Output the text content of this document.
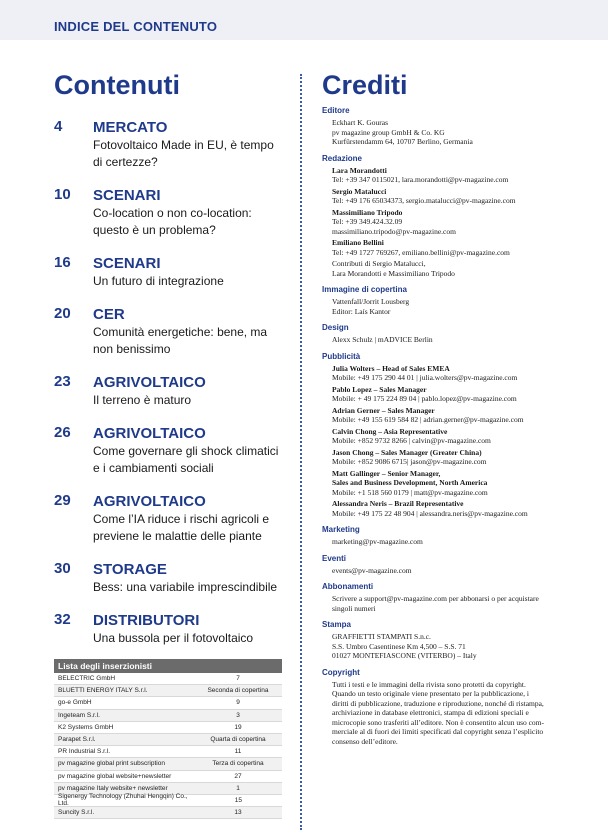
INDICE DEL CONTENUTO
Contenuti	Crediti
4 MERCATO
Fotovoltaico Made in EU, è tempo di certezze?
10 SCENARI
Co-location o non co-location: questo è un problema?
16 SCENARI
Un futuro di integrazione
20 CER
Comunità energetiche: bene, ma non benissimo
23 AGRIVOLTAICO
Il terreno è maturo
26 AGRIVOLTAICO
Come governare gli shock climatici e i cambiamenti sociali
29 AGRIVOLTAICO
Come l’IA riduce i rischi agricoli e previene le malattie delle piante
30 STORAGE
Bess: una variabile imprescindibile
32 DISTRIBUTORI
Una bussola per il fotovoltaico
Lista degli inserzionisti
BELECTRIC GmbH	7
BLUETTI ENERGY ITALY S.r.l.	Seconda di copertina
go-e GmbH	9
Ingeteam S.r.l.	3
K2 Systems GmbH	19
Parapet S.r.l.	Quarta di copertina
PR Industrial S.r.l.	11
pv magazine global print subscription	Terza di copertina
pv magazine global website+newsletter	27
pv magazine Italy website+ newsletter	1
Sigenergy Technology (Zhuhai Hengqin) Co., Ltd.	15
Suncity S.r.l.	13
Editore
Eckhart K. Gouras
pv magazine group GmbH & Co. KG
Kurfürstendamm 64, 10707 Berlino, Germania
Redazione
Lara Morandotti
Tel: +39 347 0115021, lara.morandotti@pv-magazine.com
Sergio Matalucci
Tel: +49 176 65034373, sergio.matalucci@pv-magazine.com
Massimiliano Tripodo
Tel: +39 349.424.32.09
massimiliano.tripodo@pv-magazine.com
Emiliano Bellini
Tel: +49 1727 769267, emiliano.bellini@pv-magazine.com
Contributi di Sergio Matalucci,
Lara Morandotti e Massimiliano Tripodo
Immagine di copertina
Vattenfall/Jorrit Lousberg
Editor: Laís Kantor
Design
Alexx Schulz | mADVICE Berlin
Pubblicità
Julia Wolters – Head of Sales EMEA
Mobile: +49 175 290 44 01 | julia.wolters@pv-magazine.com
Pablo Lopez – Sales Manager
Mobile: + 49 175 224 89 04 | pablo.lopez@pv-magazine.com
Adrian Gerner – Sales Manager
Mobile: +49 155 619 584 82 | adrian.gerner@pv-magazine.com
Calvin Chong – Asia Representative
Mobile: +852 9732 8266 | calvin@pv-magazine.com
Jason Chong – Sales Manager (Greater China)
Mobile: +852 9086 6715| jason@pv-magazine.com
Matt Gallinger – Senior Manager,
Sales and Business Development, North America
Mobile: +1 518 560 0179 | matt@pv-magazine.com
Alessandra Neris – Brazil Representative
Mobile: +49 175 22 48 904 | alessandra.neris@pv-magazine.com
Marketing
marketing@pv-magazine.com
Eventi
events@pv-magazine.com
Abbonamenti
Scrivere a support@pv-magazine.com per abbonarsi o per acquistare
singoli numeri
Stampa
GRAFFIETTI STAMPATI S.n.c.
S.S. Umbro Casentinese Km 4,500 – S.S. 71
01027 MONTEFIASCONE (VITERBO) – Italy
Copyright
Tutti i testi e le immagini della rivista sono protetti da copyright.
Quando un testo originale viene presentato per la pubblicazione, i
diritti di pubblicazione, traduzione e riproduzione, nonché di ristampa,
archiviazione in database elettronici, stampa di edizioni speciali e
microcopie sono trasferiti all’editore. Non è consentito alcun uso com-
merciale al di fuori dei limiti specificati dal copyright senza l’esplicito
consenso dell’editore.
